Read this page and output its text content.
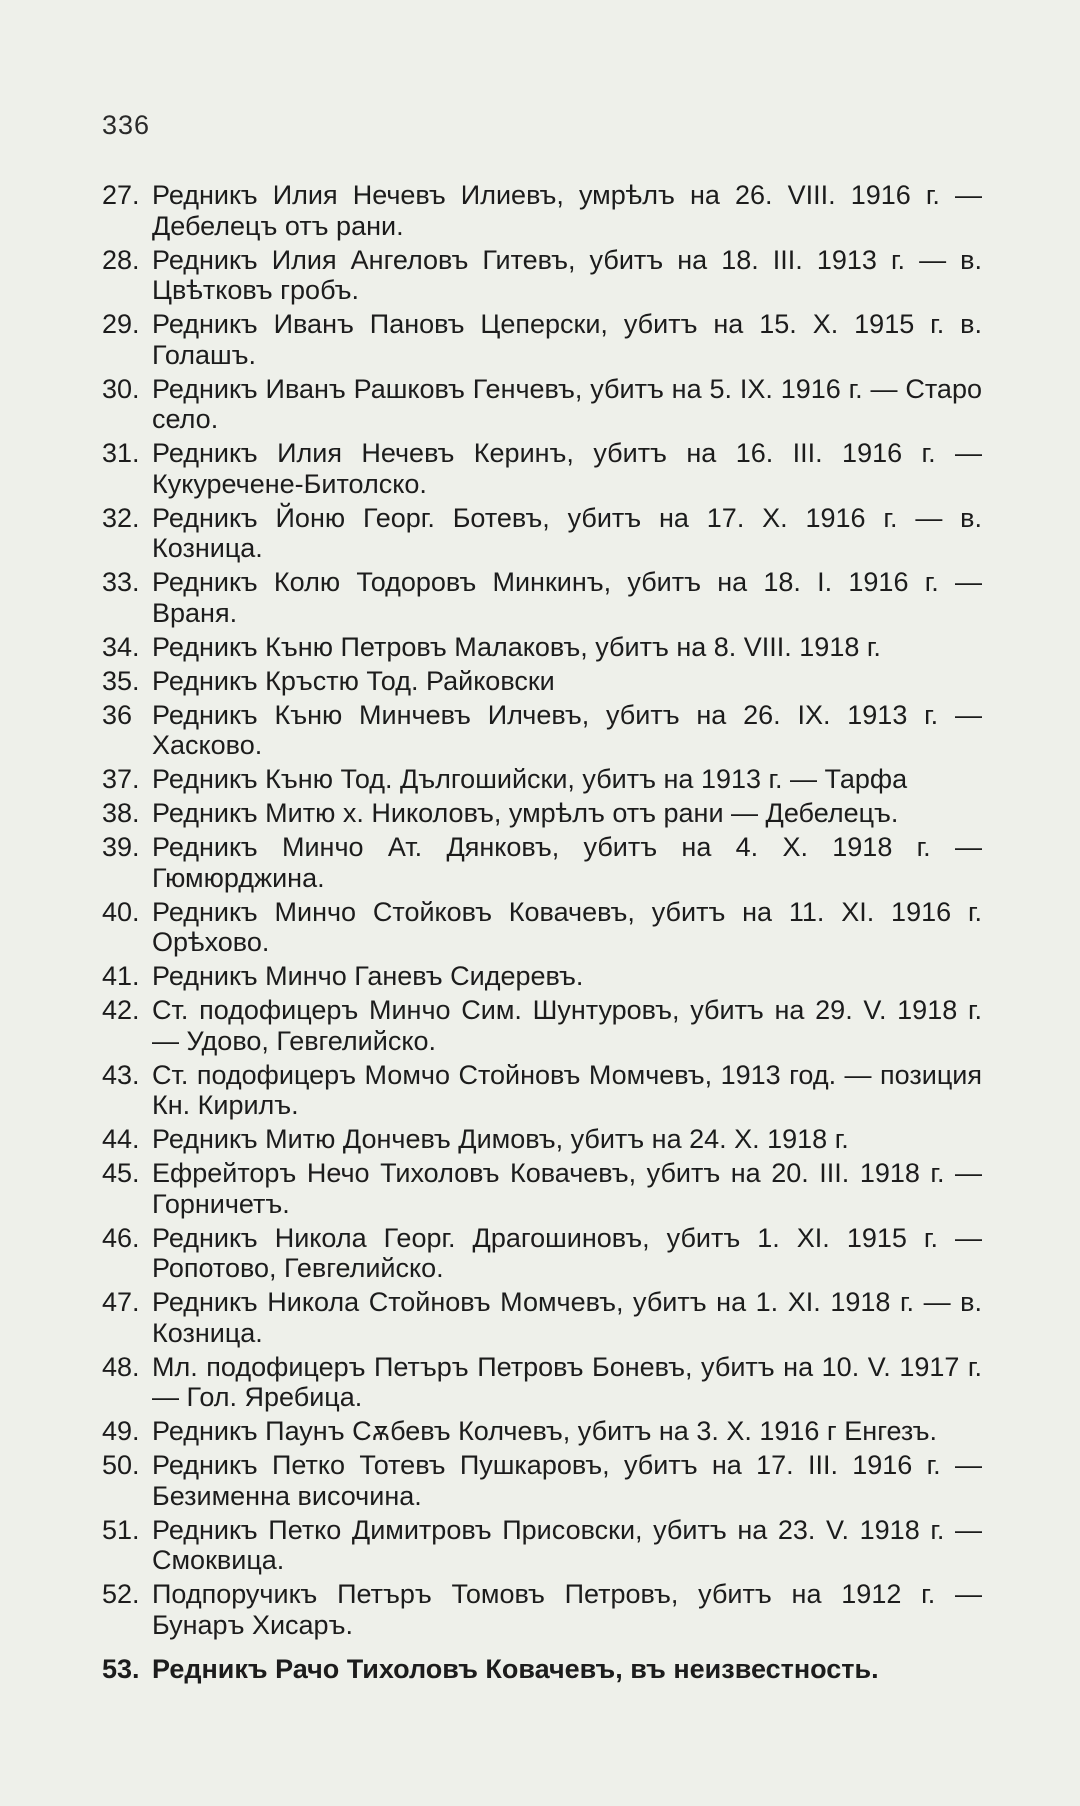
336
27. Редникъ Илия Нечевъ Илиевъ, умрѣлъ на 26. VIII. 1916 г. — Дебелецъ отъ рани.
28. Редникъ Илия Ангеловъ Гитевъ, убитъ на 18. III. 1913 г. — в. Цвѣтковъ гробъ.
29. Редникъ Иванъ Пановъ Цеперски, убитъ на 15. X. 1915 г. в. Голашъ.
30. Редникъ Иванъ Рашковъ Генчевъ, убитъ на 5. IX. 1916 г. — Старо село.
31. Редникъ Илия Нечевъ Керинъ, убитъ на 16. III. 1916 г. — Кукуречене-Битолско.
32. Редникъ Йоню Георг. Ботевъ, убитъ на 17. X. 1916 г. — в. Козница.
33. Редникъ Колю Тодоровъ Минкинъ, убитъ на 18. I. 1916 г. — Враня.
34. Редникъ Къню Петровъ Малаковъ, убитъ на 8. VIII. 1918 г.
35. Редникъ Кръстю Тод. Райковски
36 Редникъ Къню Минчевъ Илчевъ, убитъ на 26. IX. 1913 г. — Хасково.
37. Редникъ Къню Тод. Дългошийски, убитъ на 1913 г. — Тарфа
38. Редникъ Митю х. Николовъ, умрѣлъ отъ рани — Дебелецъ.
39. Редникъ Минчо Ат. Дянковъ, убитъ на 4. X. 1918 г. — Гюмюрджина.
40. Редникъ Минчо Стойковъ Ковачевъ, убитъ на 11. XI. 1916 г. Орѣхово.
41. Редникъ Минчо Ганевъ Сидеревъ.
42. Ст. подофицеръ Минчо Сим. Шунтуровъ, убитъ на 29. V. 1918 г. — Удово, Гевгелийско.
43. Ст. подофицеръ Момчо Стойновъ Момчевъ, 1913 год. — позиция Кн. Кирилъ.
44. Редникъ Митю Дончевъ Димовъ, убитъ на 24. X. 1918 г.
45. Ефрейторъ Нечо Тихоловъ Ковачевъ, убитъ на 20. III. 1918 г. — Горничетъ.
46. Редникъ Никола Георг. Драгошиновъ, убитъ 1. XI. 1915 г. — Ропотово, Гевгелийско.
47. Редникъ Никола Стойновъ Момчевъ, убитъ на 1. XI. 1918 г. — в. Козница.
48. Мл. подофицеръ Петъръ Петровъ Боневъ, убитъ на 10. V. 1917 г. — Гол. Яребица.
49. Редникъ Паунъ Сѫбевъ Колчевъ, убитъ на 3. X. 1916 г Енгезъ.
50. Редникъ Петко Тотевъ Пушкаровъ, убитъ на 17. III. 1916 г. — Безименна височина.
51. Редникъ Петко Димитровъ Присовски, убитъ на 23. V. 1918 г. — Смоквица.
52. Подпоручикъ Петъръ Томовъ Петровъ, убитъ на 1912 г. — Бунаръ Хисаръ.
53. Редникъ Рачо Тихоловъ Ковачевъ, въ неизвестность.
